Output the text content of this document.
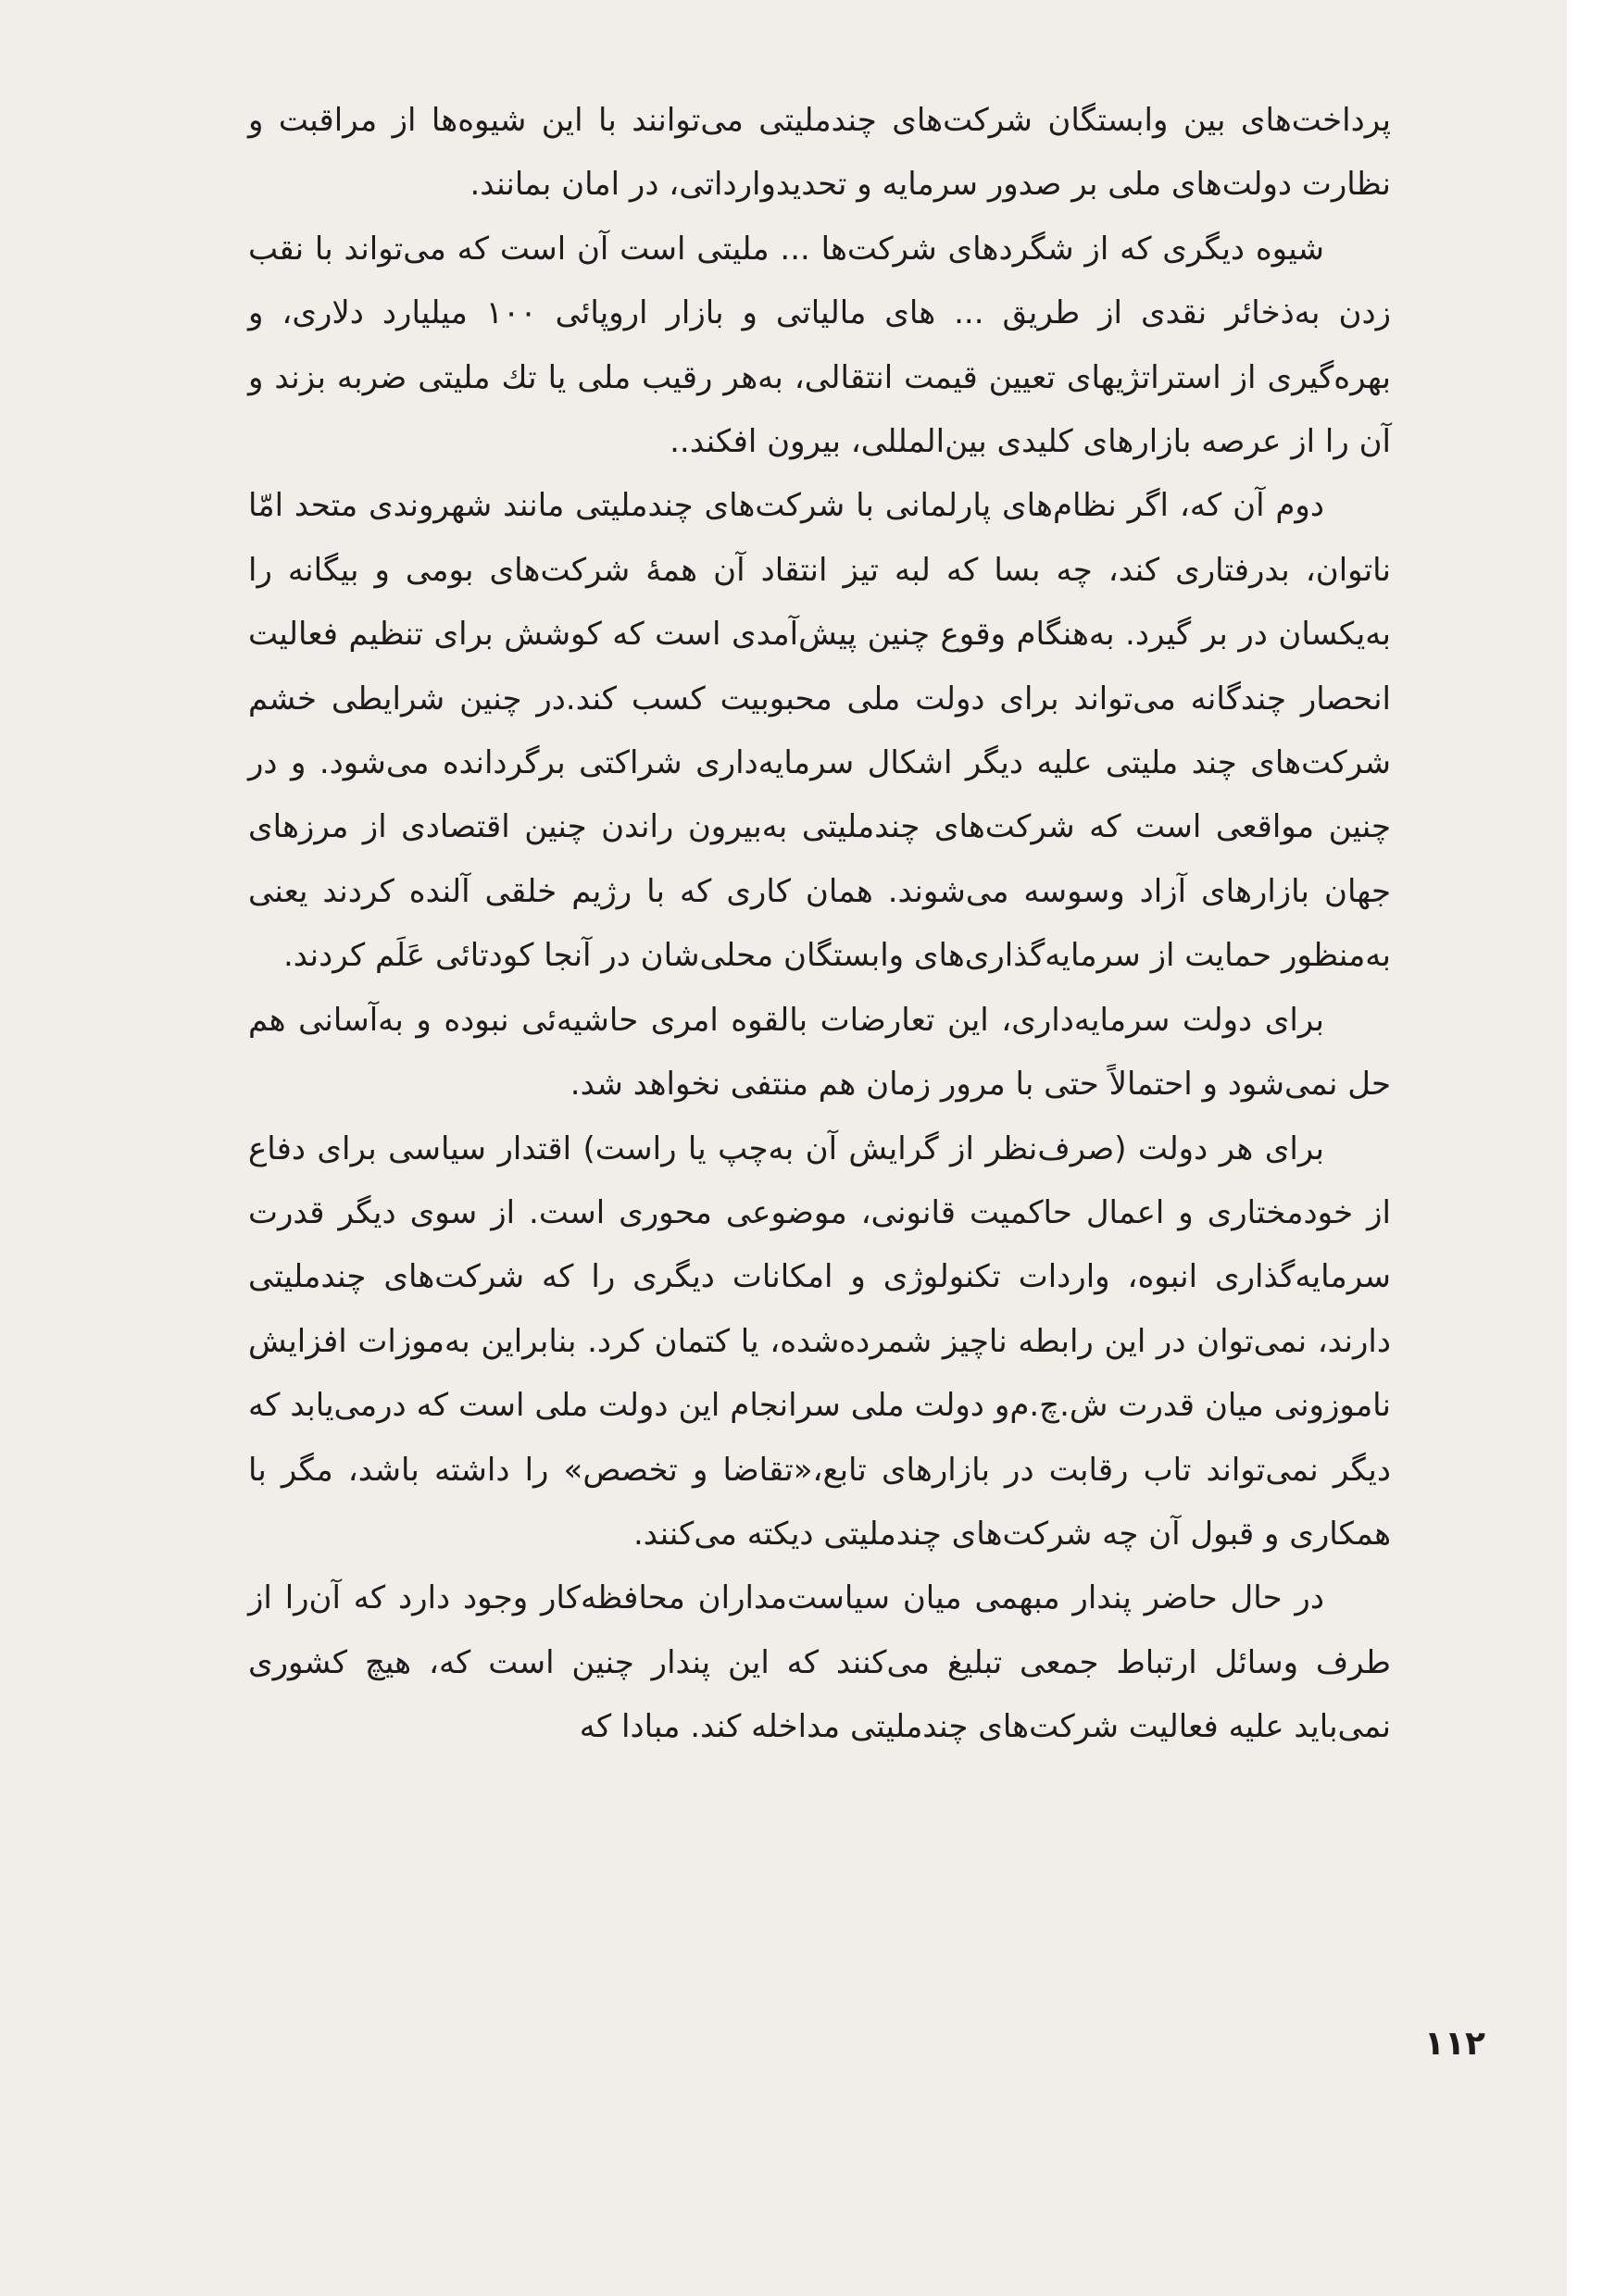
پرداخت‌های بین وابستگان شرکت‌های چندملیتی می‌توانند با این شیوه‌ها از مراقبت و نظارت دولت‌های ملی بر صدور سرمایه و تحدیدوارداتی، در امان بمانند.

شیوه دیگری که از شگردهای شرکت‌ها ... ملیتی است آن است که می‌تواند با نقب زدن به‌ذخائر نقدی از طریق ... های مالیاتی و بازار اروپائی ۱۰۰ میلیارد دلاری، و بهره‌گیری از استراتژیهای تعیین قیمت انتقالی، به‌هر رقیب ملی یا تك ملیتی ضربه بزند و آن را از عرصه بازارهای کلیدی بین‌المللی، بیرون افکند..

دوم آن که، اگر نظام‌های پارلمانی با شرکت‌های چندملیتی مانند شهروندی متحد امّا ناتوان، بدرفتاری کند، چه بسا که لبه تیز انتقاد آن همهٔ شرکت‌های بومی و بیگانه را به‌یکسان در بر گیرد. به‌هنگام وقوع چنین پیش‌آمدی است که کوشش برای تنظیم فعالیت انحصار چندگانه می‌تواند برای دولت ملی محبوبیت کسب کند.در چنین شرایطی خشم شرکت‌های چند ملیتی علیه دیگر اشکال سرمایه‌داری شراکتی برگردانده می‌شود. و در چنین مواقعی است که شرکت‌های چندملیتی به‌بیرون راندن چنین اقتصادی از مرزهای جهان بازارهای آزاد وسوسه می‌شوند. همان کاری که با رژیم خلقی آلنده کردند یعنی به‌منظور حمایت از سرمایه‌گذاری‌های وابستگان محلی‌شان در آنجا کودتائی عَلَم کردند.

برای دولت سرمایه‌داری، این تعارضات بالقوه امری حاشیه‌ئی نبوده و به‌آسانی هم حل نمی‌شود و احتمالاً حتی با مرور زمان هم منتفی نخواهد شد.

برای هر دولت (صرف‌نظر از گرایش آن به‌چپ یا راست) اقتدار سیاسی برای دفاع از خودمختاری و اعمال حاکمیت قانونی، موضوعی محوری است. از سوی دیگر قدرت سرمایه‌گذاری انبوه، واردات تکنولوژی و امکانات دیگری را که شرکت‌های چندملیتی دارند، نمی‌توان در این رابطه ناچیز شمرده‌شده، یا کتمان کرد. بنابراین به‌موزات افزایش ناموزونی میان قدرت ش.چ.م‌و دولت ملی سرانجام این دولت ملی است که درمی‌یابد که دیگر نمی‌تواند تاب رقابت در بازارهای تابع،«تقاضا و تخصص» را داشته باشد، مگر با همکاری و قبول آن چه شرکت‌های چندملیتی دیکته می‌کنند.

در حال حاضر پندار مبهمی میان سیاست‌مداران محافظه‌کار وجود دارد که آن‌را از طرف وسائل ارتباط جمعی تبلیغ می‌کنند که این پندار چنین است که، هیچ کشوری نمی‌باید علیه فعالیت شرکت‌های چندملیتی مداخله کند. مبادا که

۱۱۲
